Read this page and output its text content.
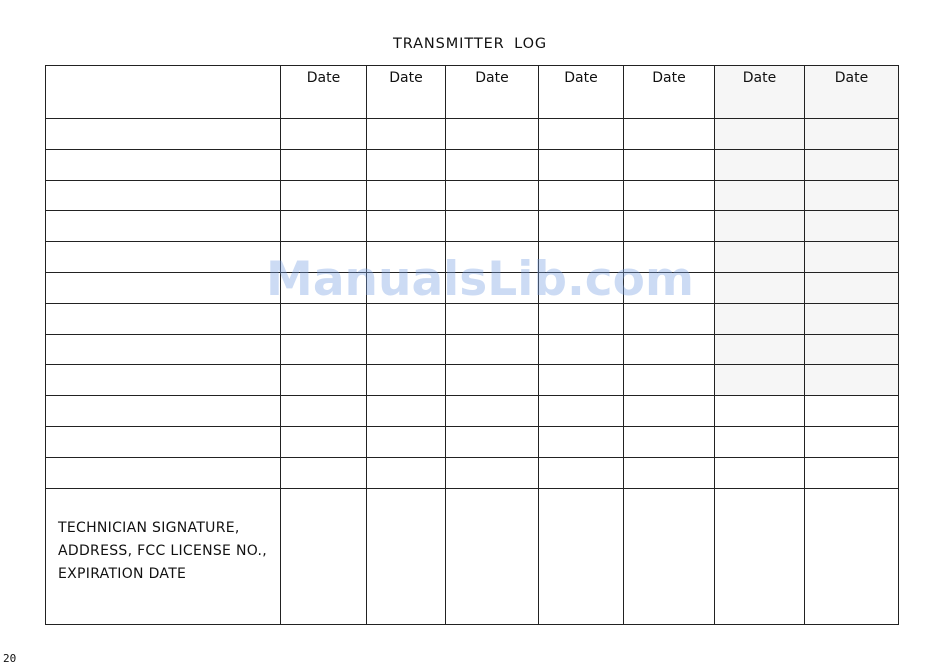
TRANSMITTER LOG
	Date	Date	Date	Date	Date	Date	Date

TECHNICIAN SIGNATURE,
ADDRESS, FCC LICENSE NO.,
EXPIRATION DATE							

ManualsLib.com
20
